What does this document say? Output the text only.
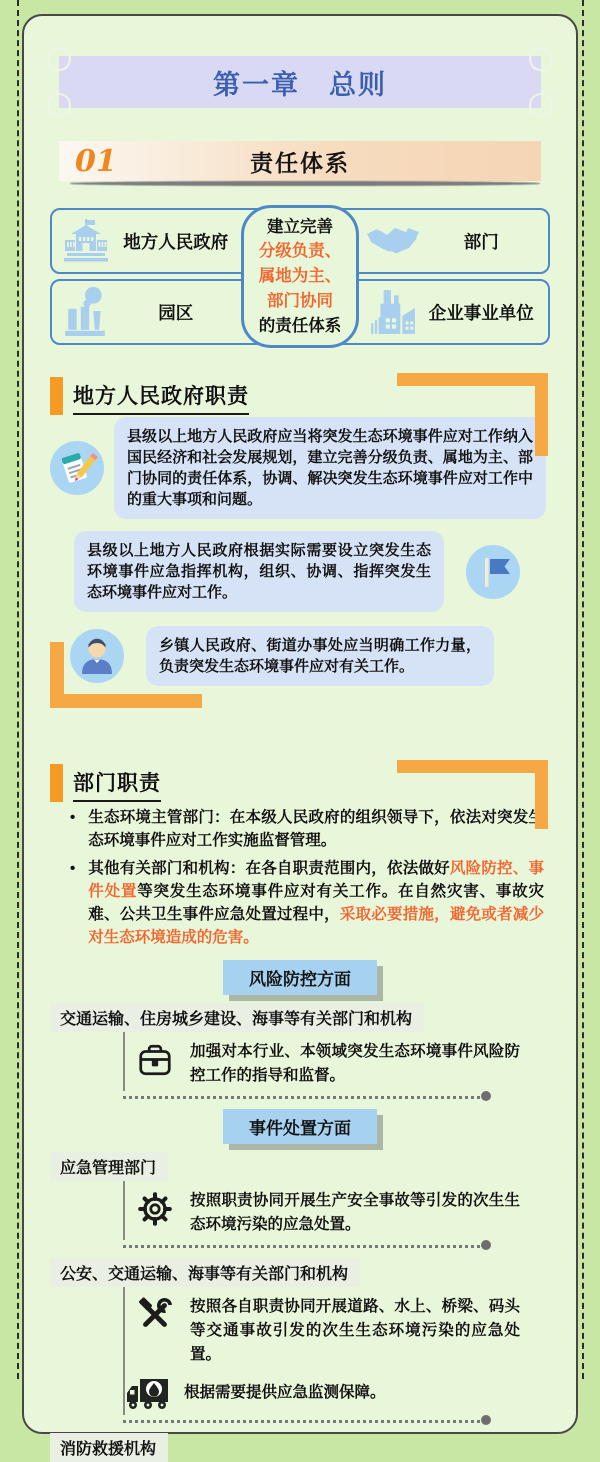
第一章　总则
01	责任体系
地方人民政府	部门
园区	企业事业单位
建立完善
分级负责、
属地为主、
部门协同
的责任体系
地方人民政府职责

县级以上地方人民政府应当将突发生态环境事件应对工作纳入国民经济和社会发展规划，建立完善分级负责、属地为主、部门协同的责任体系，协调、解决突发生态环境事件应对工作中的重大事项和问题。

县级以上地方人民政府根据实际需要设立突发生态环境事件应急指挥机构，组织、协调、指挥突发生态环境事件应对工作。

乡镇人民政府、街道办事处应当明确工作力量，负责突发生态环境事件应对有关工作。

部门职责
• 生态环境主管部门：在本级人民政府的组织领导下，依法对突发生态环境事件应对工作实施监督管理。

• 其他有关部门和机构：在各自职责范围内，依法做好风险防控、事件处置等突发生态环境事件应对有关工作。在自然灾害、事故灾难、公共卫生事件应急处置过程中，采取必要措施，避免或者减少对生态环境造成的危害。

风险防控方面
交通运输、住房城乡建设、海事等有关部门和机构

加强对本行业、本领域突发生态环境事件风险防控工作的指导和监督。

事件处置方面
应急管理部门

按照职责协同开展生产安全事故等引发的次生生态环境污染的应急处置。

公安、交通运输、海事等有关部门和机构

按照各自职责协同开展道路、水上、桥梁、码头等交通事故引发的次生生态环境污染的应急处置。

根据需要提供应急监测保障。

消防救援机构
